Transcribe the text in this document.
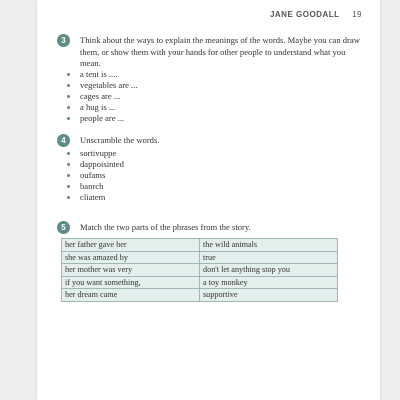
JANE GOODALL 19
3	Think about the ways to explain the meanings of the words. Maybe you can draw them, or show them with your hands for other people to understand what you mean.
a tent is ....
vegetables are ...
cages are ...
a hug is ...
people are ...
4	Unscramble the words.
sortivuppe
dappoisinted
oufams
banrch
cliatem
5	Match the two parts of the phrases from the story.
her father gave her	the wild animals
she was amazed by	true
her mother was very	don't let anything stop you
if you want something,	a toy monkey
her dream came	supportive
